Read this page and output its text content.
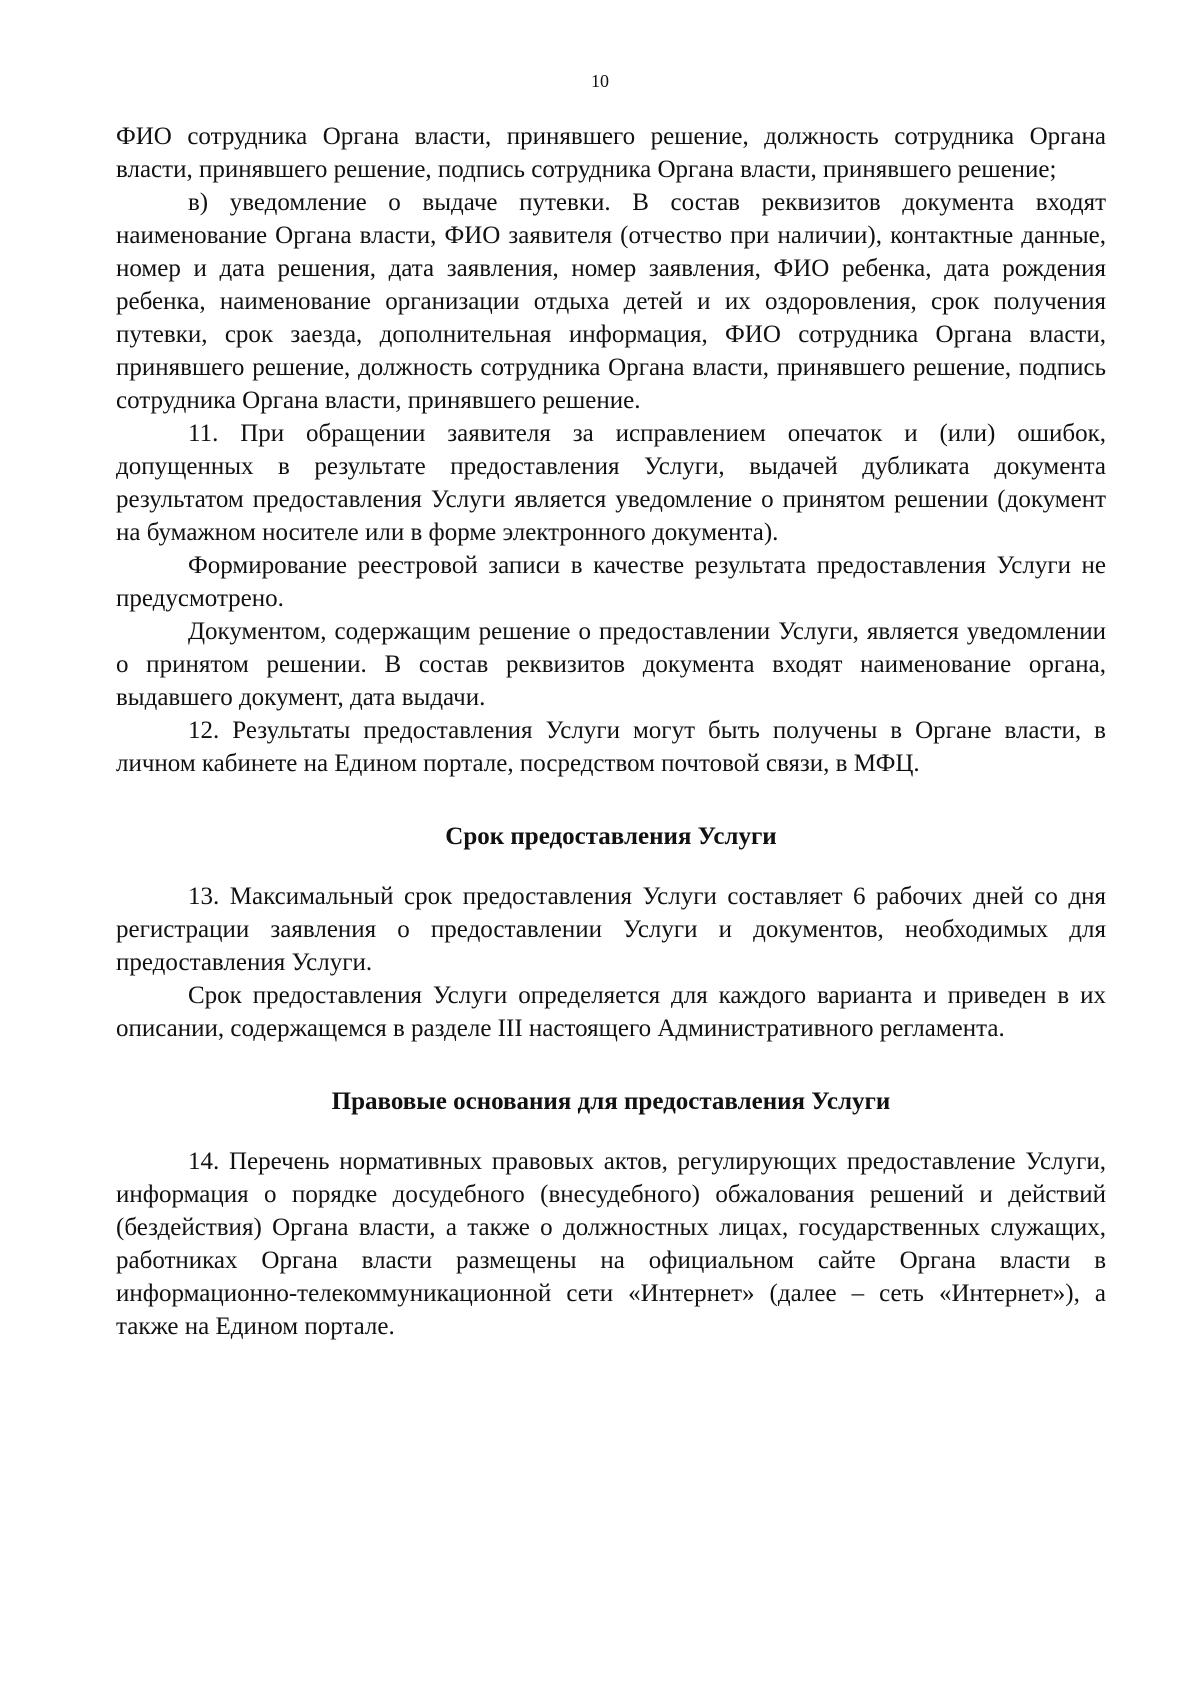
10

ФИО сотрудника Органа власти, принявшего решение, должность сотрудника Органа власти, принявшего решение, подпись сотрудника Органа власти, принявшего решение;

в) уведомление о выдаче путевки. В состав реквизитов документа входят наименование Органа власти, ФИО заявителя (отчество при наличии), контактные данные, номер и дата решения, дата заявления, номер заявления, ФИО ребенка, дата рождения ребенка, наименование организации отдыха детей и их оздоровления, срок получения путевки, срок заезда, дополнительная информация, ФИО сотрудника Органа власти, принявшего решение, должность сотрудника Органа власти, принявшего решение, подпись сотрудника Органа власти, принявшего решение.

11. При обращении заявителя за исправлением опечаток и (или) ошибок, допущенных в результате предоставления Услуги, выдачей дубликата документа результатом предоставления Услуги является уведомление о принятом решении (документ на бумажном носителе или в форме электронного документа).

Формирование реестровой записи в качестве результата предоставления Услуги не предусмотрено.

Документом, содержащим решение о предоставлении Услуги, является уведомлении о принятом решении. В состав реквизитов документа входят наименование органа, выдавшего документ, дата выдачи.

12. Результаты предоставления Услуги могут быть получены в Органе власти, в личном кабинете на Едином портале, посредством почтовой связи, в МФЦ.

Срок предоставления Услуги

13. Максимальный срок предоставления Услуги составляет 6 рабочих дней со дня регистрации заявления о предоставлении Услуги и документов, необходимых для предоставления Услуги.

Срок предоставления Услуги определяется для каждого варианта и приведен в их описании, содержащемся в разделе III настоящего Административного регламента.

Правовые основания для предоставления Услуги

14. Перечень нормативных правовых актов, регулирующих предоставление Услуги, информация о порядке досудебного (внесудебного) обжалования решений и действий (бездействия) Органа власти, а также о должностных лицах, государственных служащих, работниках Органа власти размещены на официальном сайте Органа власти в информационно-телекоммуникационной сети «Интернет» (далее – сеть «Интернет»), а также на Едином портале.
